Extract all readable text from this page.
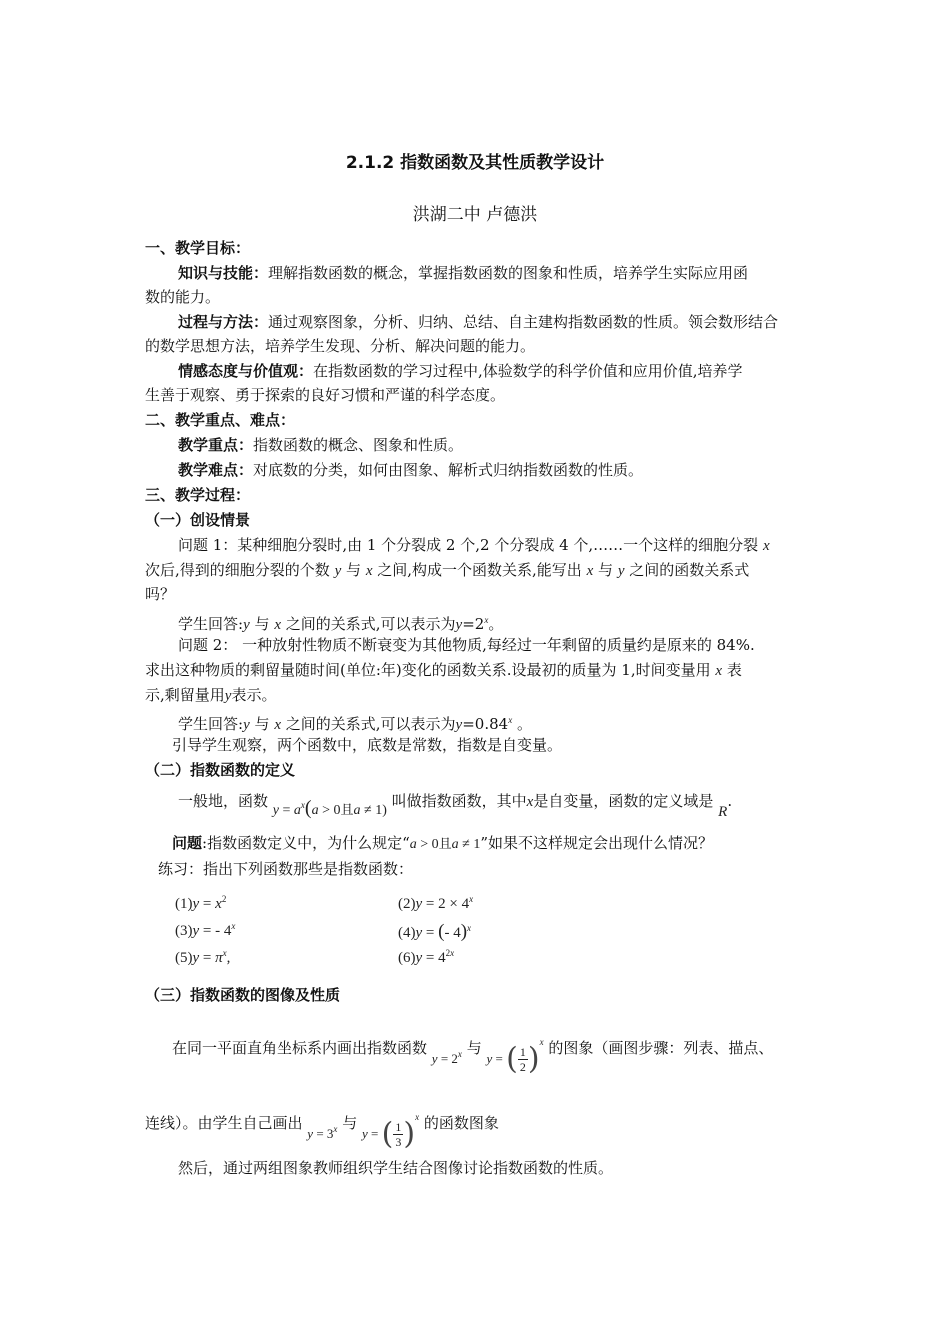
2.1.2 指数函数及其性质教学设计
洪湖二中 卢德洪
一、教学目标：
知识与技能：理解指数函数的概念，掌握指数函数的图象和性质，培养学生实际应用函
数的能力。
过程与方法：通过观察图象，分析、归纳、总结、自主建构指数函数的性质。领会数形结合
的数学思想方法，培养学生发现、分析、解决问题的能力。
情感态度与价值观：在指数函数的学习过程中,体验数学的科学价值和应用价值,培养学
生善于观察、勇于探索的良好习惯和严谨的科学态度。
二、教学重点、难点：
教学重点：指数函数的概念、图象和性质。
教学难点：对底数的分类，如何由图象、解析式归纳指数函数的性质。
三、教学过程：
（一）创设情景
问题 1：某种细胞分裂时,由 1 个分裂成 2 个,2 个分裂成 4 个,……一个这样的细胞分裂 x
次后,得到的细胞分裂的个数 y 与 x 之间,构成一个函数关系,能写出 x 与 y 之间的函数关系式
吗？
学生回答:y 与 x 之间的关系式,可以表示为$y=2^x$。
问题 2： 一种放射性物质不断衰变为其他物质,每经过一年剩留的质量约是原来的 84%.
求出这种物质的剩留量随时间(单位:年)变化的函数关系.设最初的质量为 1,时间变量用 x 表
示,剩留量用y表示。
学生回答:y 与 x 之间的关系式,可以表示为$y=0.84^x$ 。
引导学生观察，两个函数中，底数是常数，指数是自变量。
（二）指数函数的定义
一般地，函数 $y = a^x(a > 0$且a ≠ 1) 叫做指数函数，其中x是自变量，函数的定义域是 R.
问题:指数函数定义中，为什么规定“a > 0且a ≠ 1”如果不这样规定会出现什么情况？
练习：指出下列函数那些是指数函数：
$(1)y = x^2$	$(2)y = 2 \times 4^x$
(3)y = - 4$^x$	(4)y = (- 4)$^x$
$(5)y = \pi^x$,	$(6)y = 4^{2x}$
（三）指数函数的图像及性质
在同一平面直角坐标系内画出指数函数 $y = 2^x$ 与 y = ( $\frac{1}{2} )^x$ 的图象（画图步骤：列表、描点、
连线）。由学生自己画出 $y = 3^x$ 与 y = ( $\frac{1}{3} )^x$ 的函数图象
然后，通过两组图象教师组织学生结合图像讨论指数函数的性质。
